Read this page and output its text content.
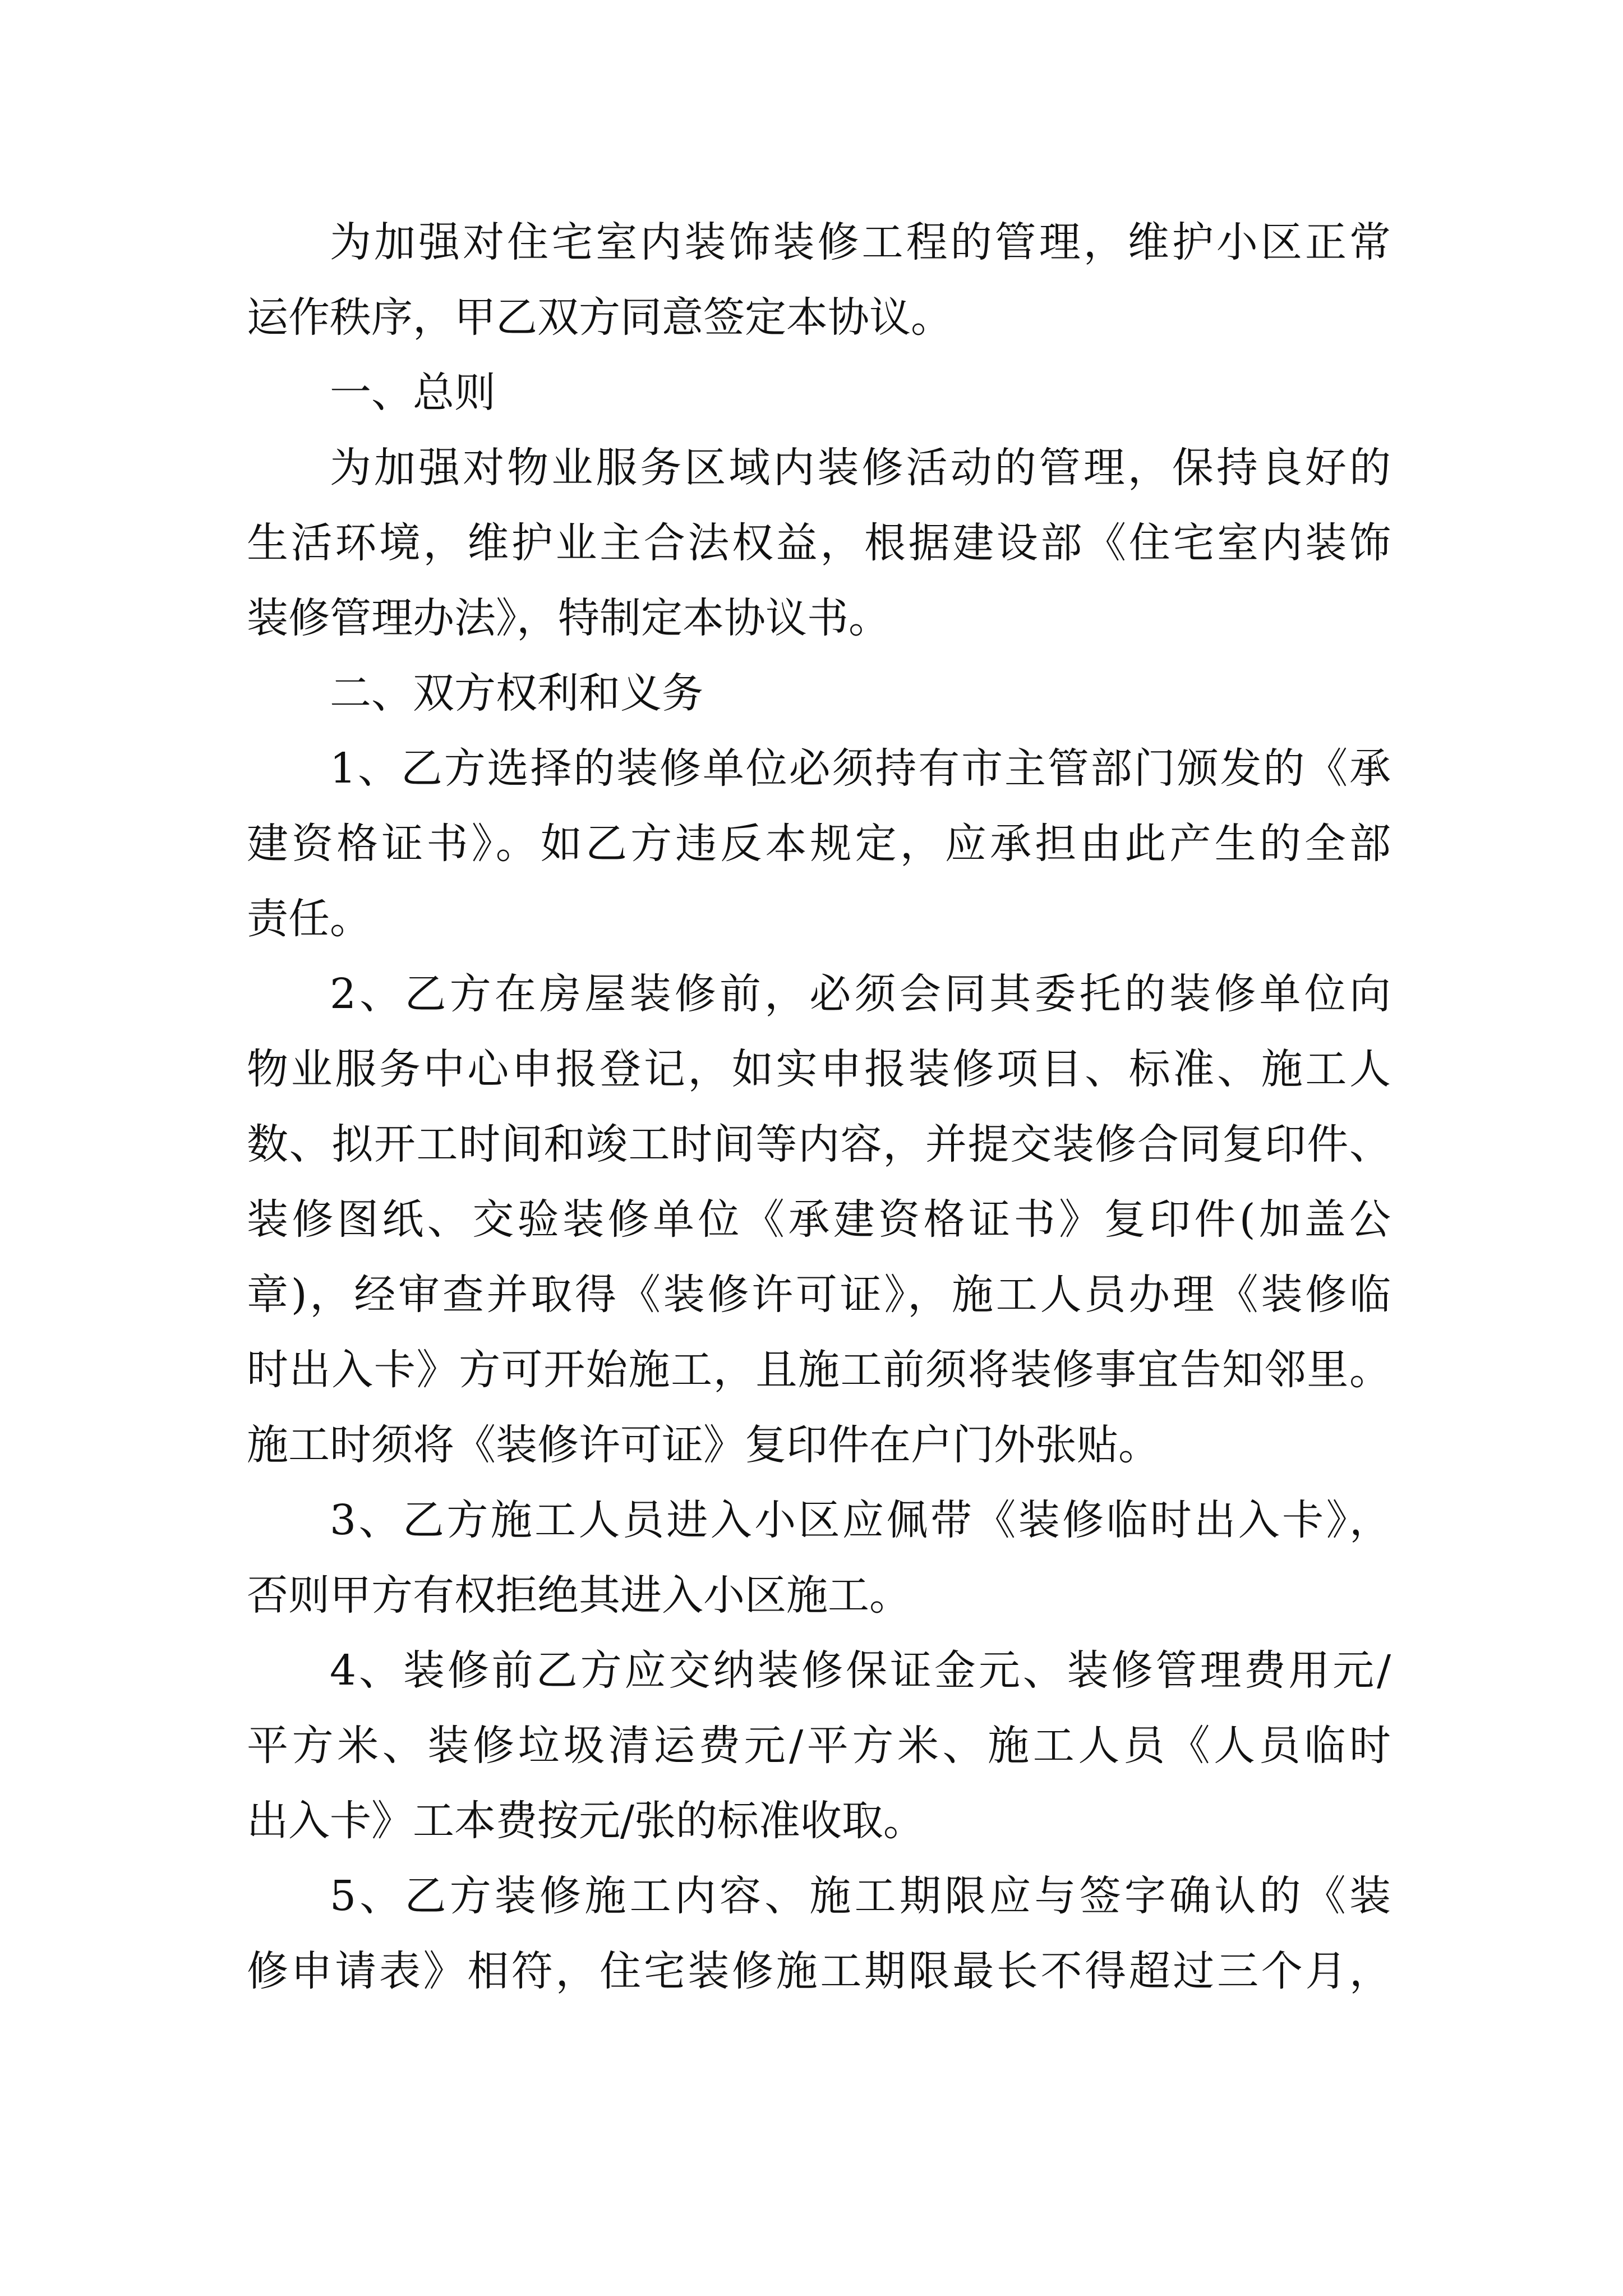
为加强对住宅室内装饰装修工程的管理，维护小区正常
运作秩序，甲乙双方同意签定本协议。
一、总则
为加强对物业服务区域内装修活动的管理，保持良好的
生活环境，维护业主合法权益，根据建设部《住宅室内装饰
装修管理办法》，特制定本协议书。
二、双方权利和义务
1、乙方选择的装修单位必须持有市主管部门颁发的《承
建资格证书》。如乙方违反本规定，应承担由此产生的全部
责任。
2、乙方在房屋装修前，必须会同其委托的装修单位向
物业服务中心申报登记，如实申报装修项目、标准、施工人
数、拟开工时间和竣工时间等内容，并提交装修合同复印件、
装修图纸、交验装修单位《承建资格证书》复印件(加盖公
章)，经审查并取得《装修许可证》，施工人员办理《装修临
时出入卡》方可开始施工，且施工前须将装修事宜告知邻里。
施工时须将《装修许可证》复印件在户门外张贴。
3、乙方施工人员进入小区应佩带《装修临时出入卡》，
否则甲方有权拒绝其进入小区施工。
4、装修前乙方应交纳装修保证金元、装修管理费用元/
平方米、装修垃圾清运费元/平方米、施工人员《人员临时
出入卡》工本费按元/张的标准收取。
5、乙方装修施工内容、施工期限应与签字确认的《装
修申请表》相符，住宅装修施工期限最长不得超过三个月，
